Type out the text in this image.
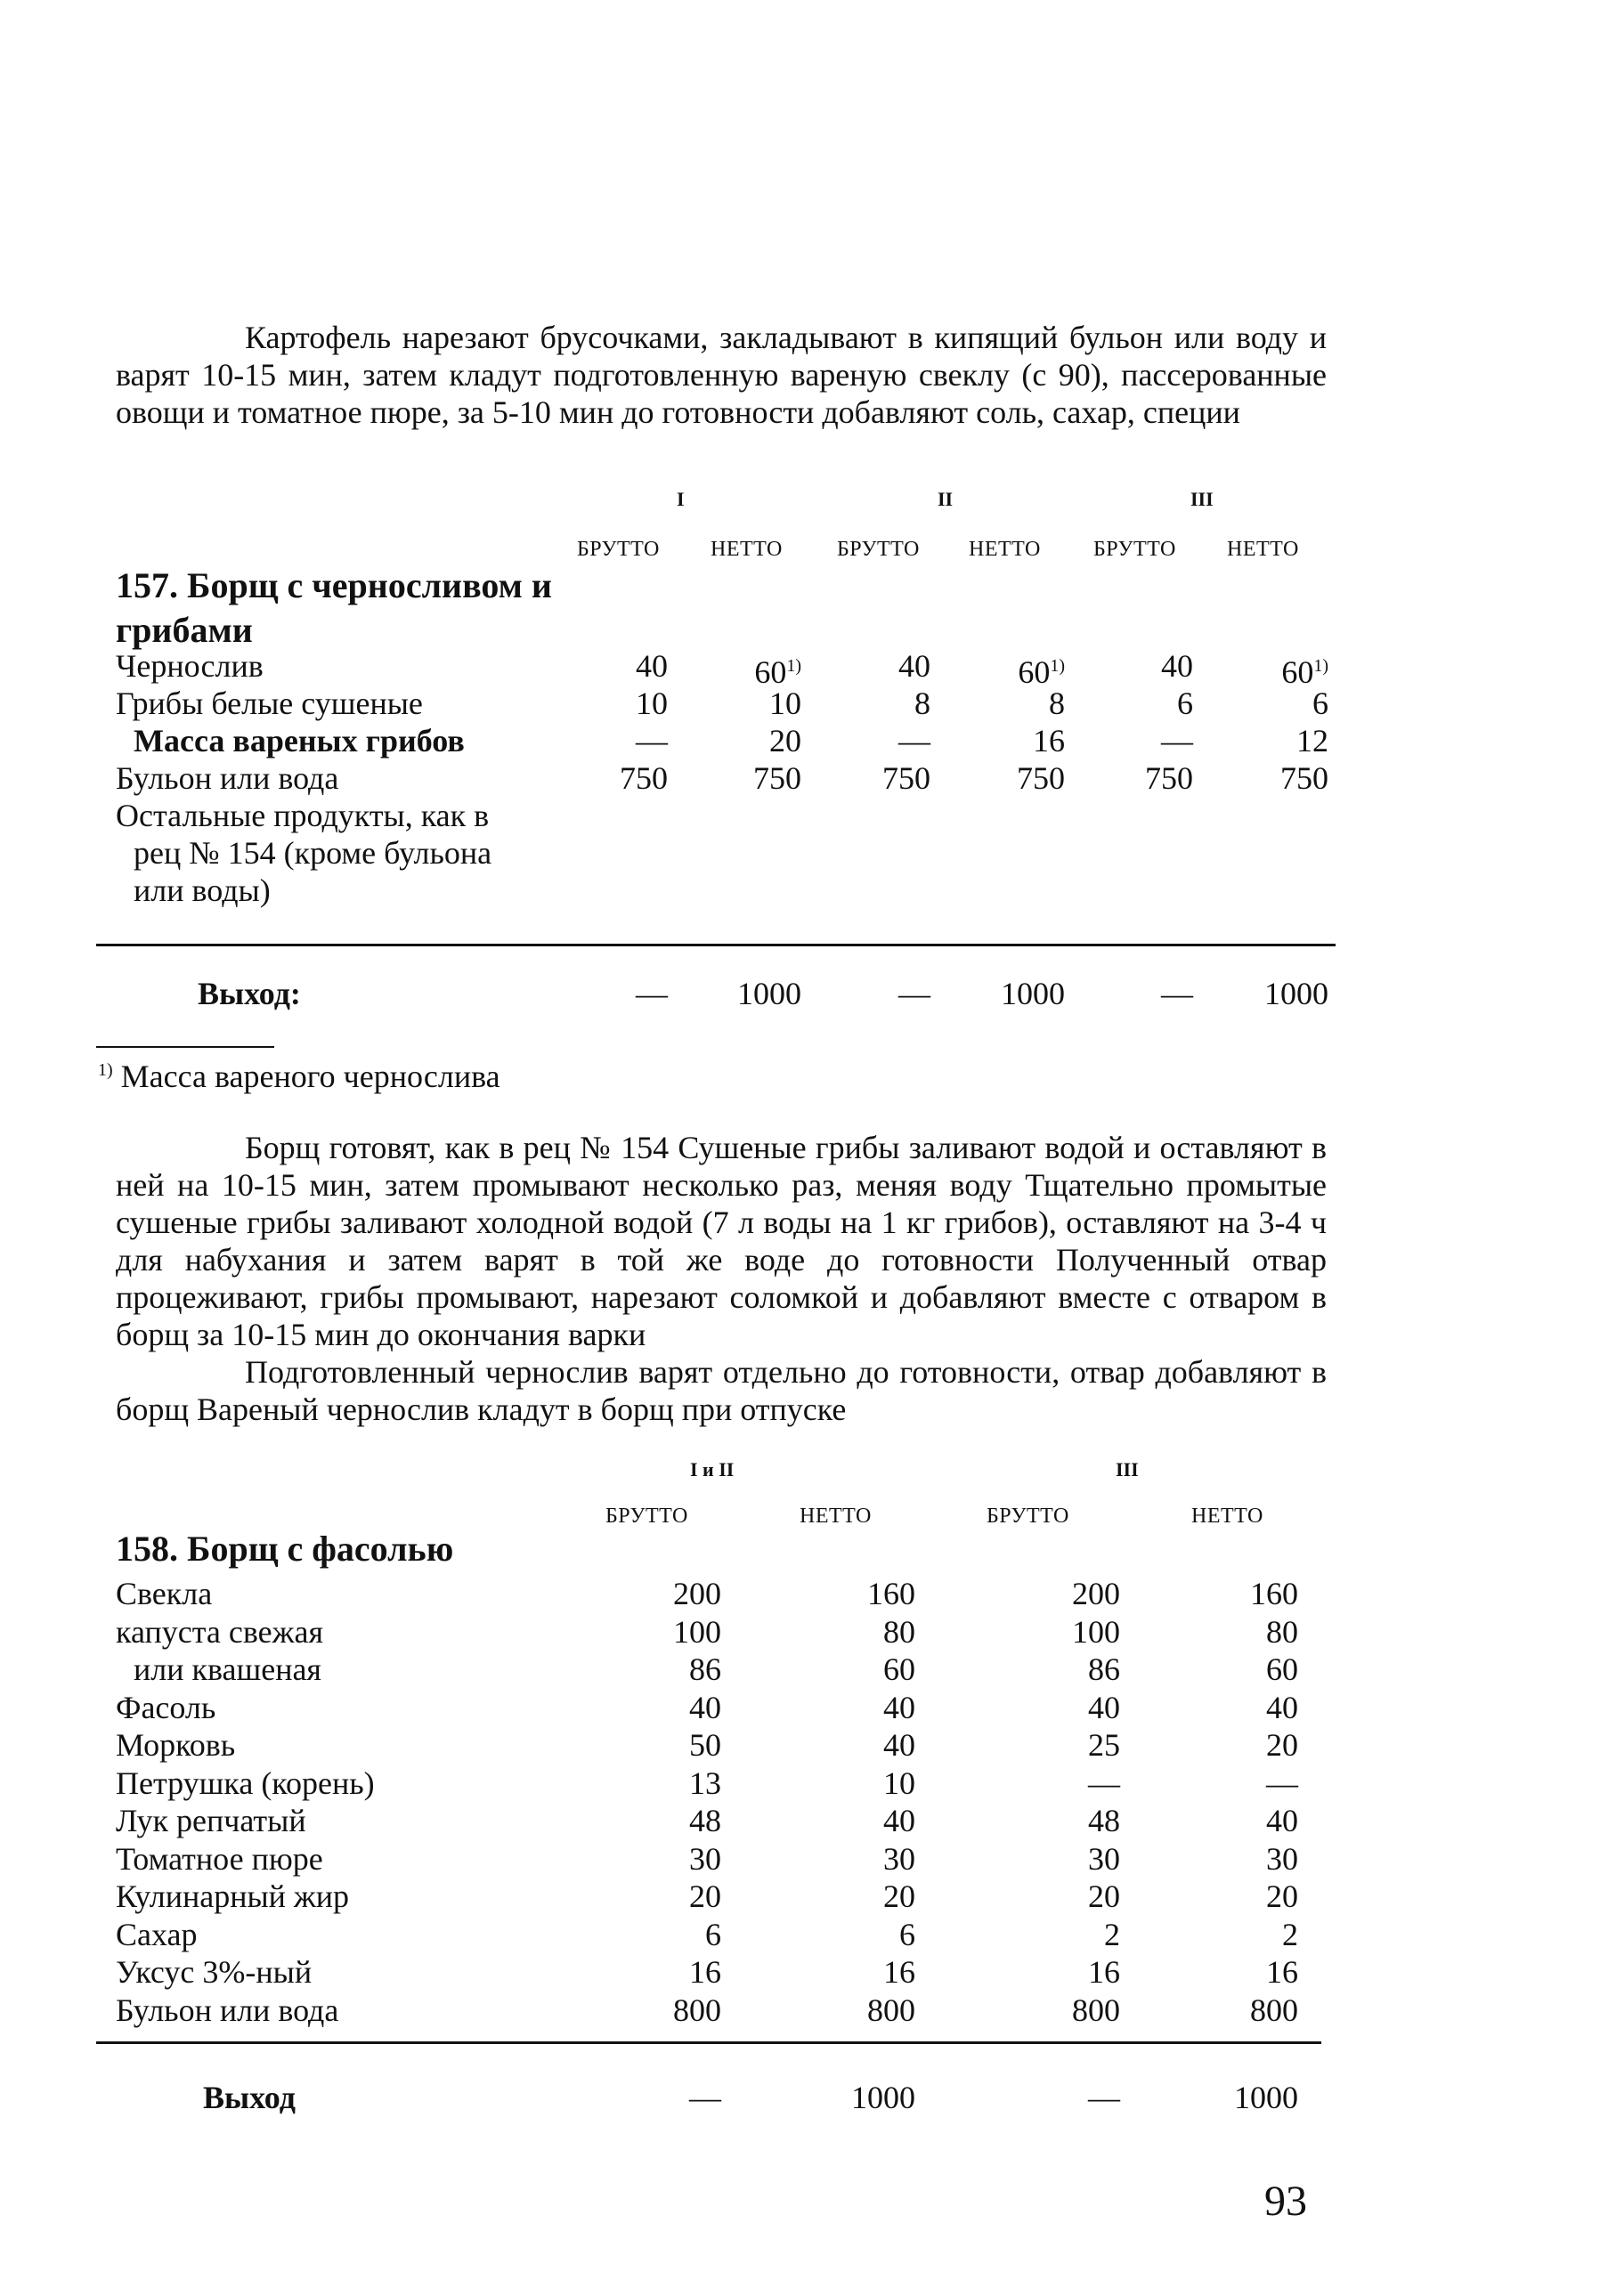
Картофель нарезают брусочками, закладывают в кипящий бульон или воду и варят 10-15 мин, затем кладут подготовленную вареную свеклу (с 90), пассерованные овощи и томатное пюре, за 5-10 мин до готовности добавляют соль, сахар, специи

I	II	III
БРУТТО НЕТТО	БРУТТО НЕТТО БРУТТО НЕТТО
157. Борщ с черносливом и грибами
Чернослив	40	60$^{1)}$	40	60$^{1)}$	40	60$^{1)}$
Грибы белые сушеные	10	10	8	8	6	6
Масса вареных грибов	—	20	—	16	—	12
Бульон или вода	750	750	750	750	750	750
Остальные продукты, как в
рец № 154 (кроме бульона
или воды)
Выход:	—	1000	—	1000	—	1000
$^{1)}$ Масса вареного чернослива

Борщ готовят, как в рец № 154 Сушеные грибы заливают водой и оставляют в ней на 10-15 мин, затем промывают несколько раз, меняя воду Тщательно промытые сушеные грибы заливают холодной водой (7 л воды на 1 кг грибов), оставляют на 3-4 ч для набухания и затем варят в той же воде до готовности Полученный отвар процеживают, грибы промывают, нарезают соломкой и добавляют вместе с отваром в борщ за 10-15 мин до окончания варки

Подготовленный чернослив варят отдельно до готовности, отвар добавляют в борщ Вареный чернослив кладут в борщ при отпуске

I и II	III
БРУТТО	НЕТТО	БРУТТО	НЕТТО
158. Борщ с фасолью
Свекла	200	160	200	160
капуста свежая	100	80	100	80
или квашеная	86	60	86	60
Фасоль	40	40	40	40
Морковь	50	40	25	20
Петрушка (корень)	13	10	—	—
Лук репчатый	48	40	48	40
Томатное пюре	30	30	30	30
Кулинарный жир	20	20	20	20
Сахар	6	6	2	2
Уксус 3%-ный	16	16	16	16
Бульон или вода	800	800	800	800
Выход	—	1000	—	1000
93
